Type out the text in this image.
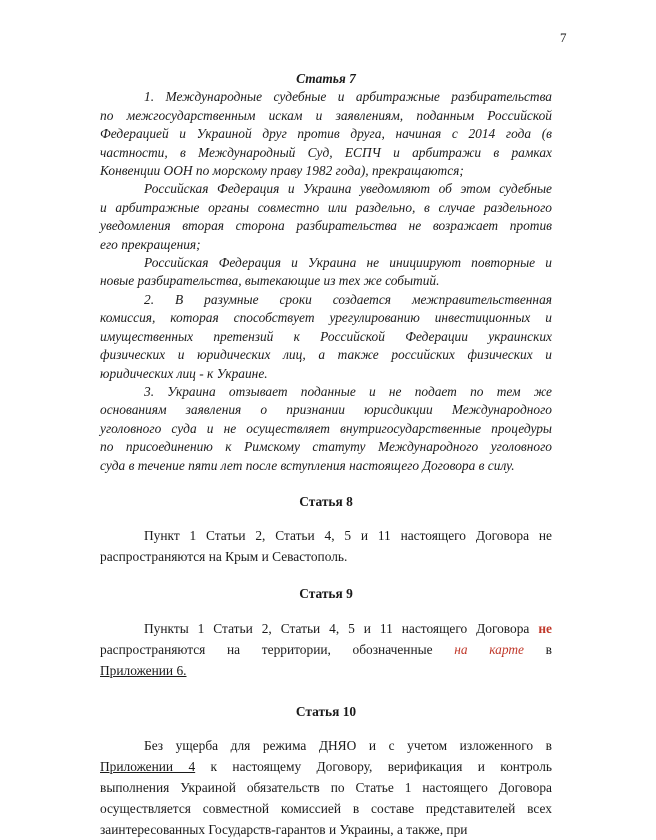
7

Статья 7

1. Международные судебные и арбитражные разбирательства
по межгосударственным искам и заявлениям, поданным Российской
Федерацией и Украиной друг против друга, начиная с 2014 года (в
частности, в Международный Суд, ЕСПЧ и арбитражи в рамках
Конвенции ООН по морскому праву 1982 года), прекращаются;
Российская Федерация и Украина уведомляют об этом судебные
и арбитражные органы совместно или раздельно, в случае раздельного
уведомления вторая сторона разбирательства не возражает против
его прекращения;
Российская Федерация и Украина не инициируют повторные и
новые разбирательства, вытекающие из тех же событий.
2. В разумные сроки создается межправительственная
комиссия, которая способствует урегулированию инвестиционных и
имущественных претензий к Российской Федерации украинских
физических и юридических лиц, а также российских физических и
юридических лиц - к Украине.
3. Украина отзывает поданные и не подает по тем же
основаниям заявления о признании юрисдикции Международного
уголовного суда и не осуществляет внутригосударственные процедуры
по присоединению к Римскому статуту Международного уголовного
суда в течение пяти лет после вступления настоящего Договора в силу.

Статья 8

Пункт 1 Статьи 2, Статьи 4, 5 и 11 настоящего Договора не
распространяются на Крым и Севастополь.

Статья 9

Пункты 1 Статьи 2, Статьи 4, 5 и 11 настоящего Договора не
распространяются на территории, обозначенные на карте в
Приложении 6.

Статья 10

Без ущерба для режима ДНЯО и с учетом изложенного в
Приложении 4 к настоящему Договору, верификация и контроль
выполнения Украиной обязательств по Статье 1 настоящего Договора
осуществляется совместной комиссией в составе представителей всех
заинтересованных Государств-гарантов и Украины, а также, при
